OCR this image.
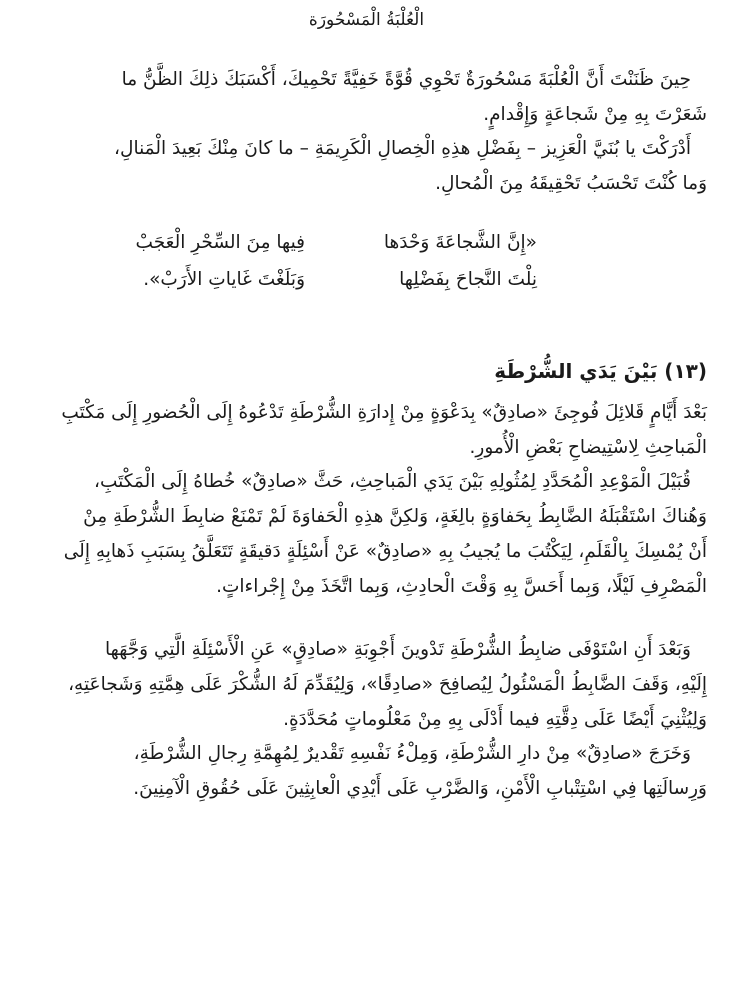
الْعُلْبَةُ الْمَسْحُورَة
حِينَ ظَنَنْتَ أَنَّ الْعُلْبَةَ مَسْحُورَةٌ تَحْوِي قُوَّةً خَفِيَّةً تَحْمِيكَ، أَكْسَبَكَ ذلِكَ الظَّنُّ ما
شَعَرْتَ بِهِ مِنْ شَجاعَةٍ وَإِقْدامٍ.
أَدْرَكْتَ يا بُنَيَّ الْعَزِيز – بِفَضْلِ هذِهِ الْخِصالِ الْكَرِيمَةِ – ما كانَ مِنْكَ بَعِيدَ الْمَنالِ،
وَما كُنْتَ تَحْسَبُ تَحْقِيقَهُ مِنَ الْمُحالِ.
«إِنَّ الشَّجاعَةَ وَحْدَها
فِيها مِنَ السِّحْرِ الْعَجَبْ
نِلْتَ النَّجاحَ بِفَضْلِها
وَبَلَغْتَ غَاياتِ الأَرَبْ».
(١٣) بَيْنَ يَدَي الشُّرْطَةِ
بَعْدَ أَيَّامٍ قَلائِلَ فُوجِئَ «صادِقٌ» بِدَعْوَةٍ مِنْ إِدارَةِ الشُّرْطَةِ تَدْعُوهُ إِلَى الْحُضورِ إِلَى مَكْتَبِ
الْمَباحِثِ لِاسْتِيضاحِ بَعْضِ الْأُمورِ.
قُبَيْلَ الْمَوْعِدِ الْمُحَدَّدِ لِمُثُولِهِ بَيْنَ يَدَي الْمَباحِثِ، حَثَّ «صادِقٌ» خُطاهُ إِلَى الْمَكْتَبِ،
وَهُناكَ اسْتَقْبَلَهُ الضَّابِطُ بِحَفاوَةٍ بالِغَةٍ، وَلكِنَّ هذِهِ الْحَفاوَةَ لَمْ تَمْنَعْ ضابِطَ الشُّرْطَةِ مِنْ
أَنْ يُمْسِكَ بِالْقَلَمِ، لِيَكْتُبَ ما يُجيبُ بِهِ «صادِقٌ» عَنْ أَسْئِلَةٍ دَقيقَةٍ تَتَعَلَّقُ بِسَبَبِ ذَهابِهِ إِلَى
الْمَصْرِفِ لَيْلًا، وَبِما أَحَسَّ بِهِ وَقْتَ الْحادِثِ، وَبِما اتَّخَذَ مِنْ إِجْراءاتٍ.
وَبَعْدَ أَنِ اسْتَوْفَى ضابِطُ الشُّرْطَةِ تَدْوينَ أَجْوِبَةِ «صادِقٍ» عَنِ الْأَسْئِلَةِ الَّتِي وَجَّهَها
إِلَيْهِ، وَقَفَ الضَّابِطُ الْمَسْئُولُ لِيُصافِحَ «صادِقًا»، وَلِيُقَدِّمَ لَهُ الشُّكْرَ عَلَى هِمَّتِهِ وَشَجاعَتِهِ،
وَلِيُثْنِيَ أَيْضًا عَلَى دِقَّتِهِ فيما أَدْلَى بِهِ مِنْ مَعْلُوماتٍ مُحَدَّدَةٍ.
وَخَرَجَ «صادِقٌ» مِنْ دارِ الشُّرْطَةِ، وَمِلْءُ نَفْسِهِ تَقْديرٌ لِمُهِمَّةِ رِجالِ الشُّرْطَةِ،
وَرِسالَتِها فِي اسْتِتْبابِ الْأَمْنِ، وَالضَّرْبِ عَلَى أَيْدِي الْعابِثِينَ عَلَى حُقُوقِ الْآمِنِينَ.
